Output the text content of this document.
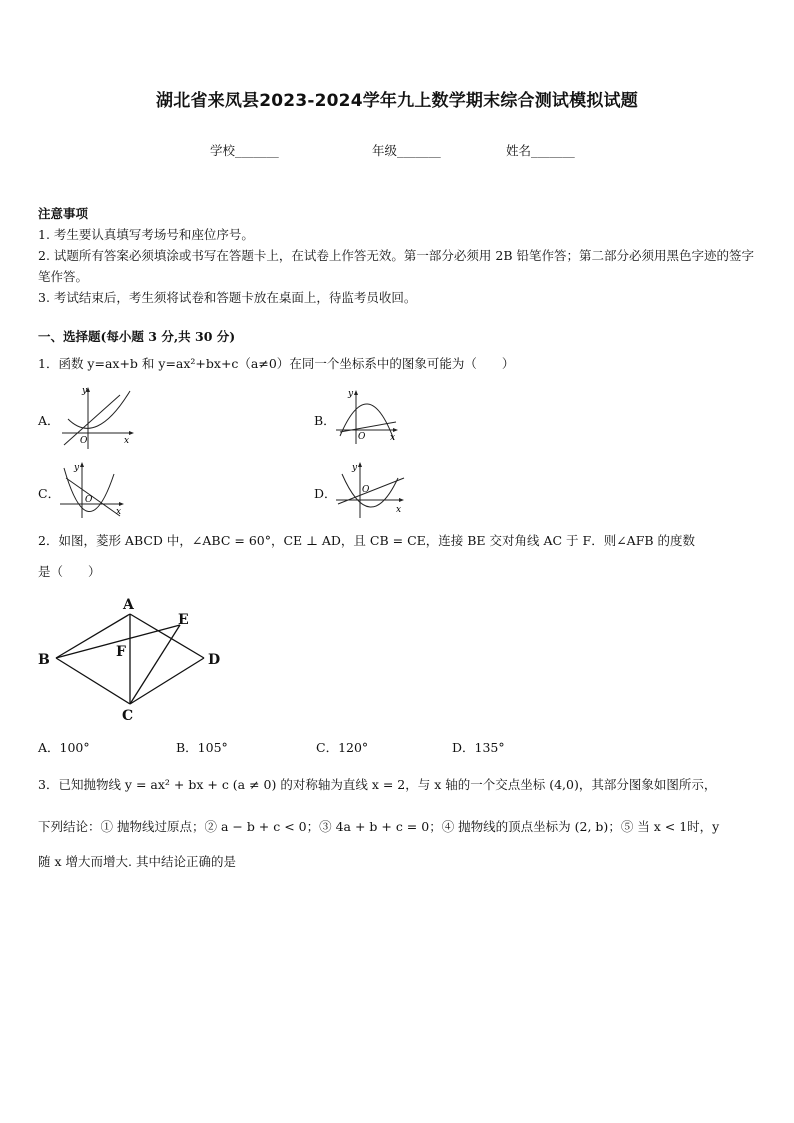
湖北省来凤县2023-2024学年九上数学期末综合测试模拟试题
学校_______	年级_______	姓名_______
注意事项
1. 考生要认真填写考场号和座位序号。
2. 试题所有答案必须填涂或书写在答题卡上，在试卷上作答无效。第一部分必须用 2B 铅笔作答；第二部分必须用黑色字迹的签字笔作答。
3. 考试结束后，考生须将试卷和答题卡放在桌面上，待监考员收回。
一、选择题(每小题 3 分,共 30 分)
1．函数 y=ax+b 和 y=ax²+bx+c（a≠0）在同一个坐标系中的图象可能为（　　）
A．	B．
C．	D．
y
x
O
y
x
O
y
x
O
y
x
O
2．如图，菱形 ABCD 中，∠ABC = 60°，CE ⊥ AD，且 CB = CE，连接 BE 交对角线 AC 于 F．则∠AFB 的度数
是（　　）
A
B
C
D
E
F
A．100°	B．105°	C．120°	D．135°
3．已知抛物线 y = ax² + bx + c (a ≠ 0) 的对称轴为直线 x = 2，与 x 轴的一个交点坐标 (4,0)，其部分图象如图所示，
下列结论：① 抛物线过原点；② a − b + c < 0；③ 4a + b + c = 0；④ 抛物线的顶点坐标为 (2, b)；⑤ 当 x < 1时，y
随 x 增大而增大. 其中结论正确的是
